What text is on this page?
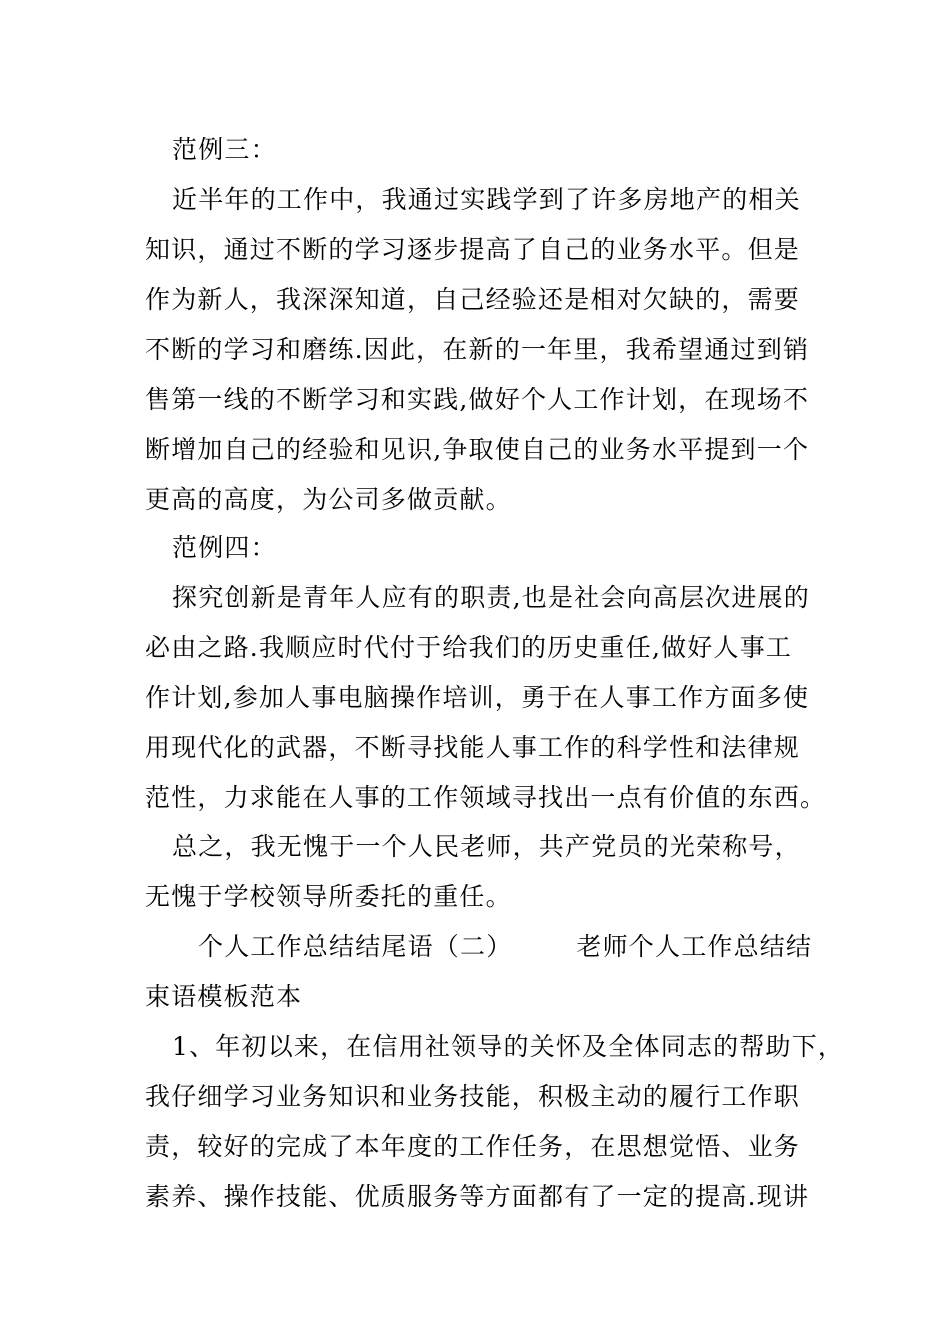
范例三：
近半年的工作中，我通过实践学到了许多房地产的相关
知识，通过不断的学习逐步提高了自己的业务水平。但是
作为新人，我深深知道，自己经验还是相对欠缺的，需要
不断的学习和磨练.因此，在新的一年里，我希望通过到销
售第一线的不断学习和实践,做好个人工作计划，在现场不
断增加自己的经验和见识,争取使自己的业务水平提到一个
更高的高度，为公司多做贡献。
范例四：
探究创新是青年人应有的职责,也是社会向高层次进展的
必由之路.我顺应时代付于给我们的历史重任,做好人事工
作计划,参加人事电脑操作培训，勇于在人事工作方面多使
用现代化的武器，不断寻找能人事工作的科学性和法律规
范性，力求能在人事的工作领域寻找出一点有价值的东西。
总之，我无愧于一个人民老师，共产党员的光荣称号，
无愧于学校领导所委托的重任。
个人工作总结结尾语（二）	老师个人工作总结结
束语模板范本
1、年初以来，在信用社领导的关怀及全体同志的帮助下，
我仔细学习业务知识和业务技能，积极主动的履行工作职
责，较好的完成了本年度的工作任务，在思想觉悟、业务
素养、操作技能、优质服务等方面都有了一定的提高.现讲
